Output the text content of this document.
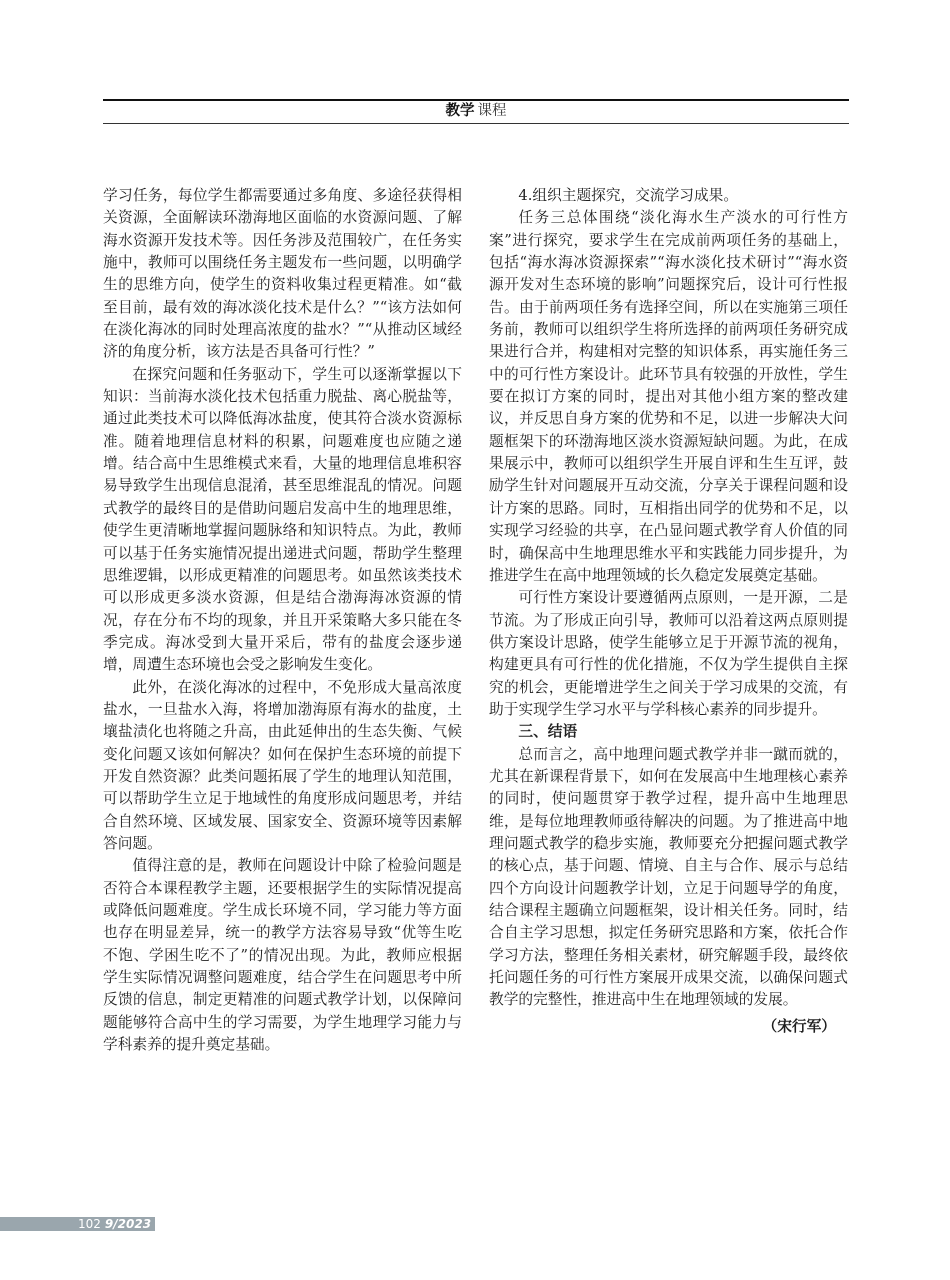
教学 课程

学习任务，每位学生都需要通过多角度、多途径获得相关资源，全面解读环渤海地区面临的水资源问题、了解海水资源开发技术等。因任务涉及范围较广，在任务实施中，教师可以围绕任务主题发布一些问题，以明确学生的思维方向，使学生的资料收集过程更精准。如“截至目前，最有效的海冰淡化技术是什么？”“该方法如何在淡化海冰的同时处理高浓度的盐水？”“从推动区域经济的角度分析，该方法是否具备可行性？”

在探究问题和任务驱动下，学生可以逐渐掌握以下知识：当前海水淡化技术包括重力脱盐、离心脱盐等，通过此类技术可以降低海冰盐度，使其符合淡水资源标准。随着地理信息材料的积累，问题难度也应随之递增。结合高中生思维模式来看，大量的地理信息堆积容易导致学生出现信息混淆，甚至思维混乱的情况。问题式教学的最终目的是借助问题启发高中生的地理思维，使学生更清晰地掌握问题脉络和知识特点。为此，教师可以基于任务实施情况提出递进式问题，帮助学生整理思维逻辑，以形成更精准的问题思考。如虽然该类技术可以形成更多淡水资源，但是结合渤海海冰资源的情况，存在分布不均的现象，并且开采策略大多只能在冬季完成。海冰受到大量开采后，带有的盐度会逐步递增，周遭生态环境也会受之影响发生变化。

此外，在淡化海冰的过程中，不免形成大量高浓度盐水，一旦盐水入海，将增加渤海原有海水的盐度，土壤盐渍化也将随之升高，由此延伸出的生态失衡、气候变化问题又该如何解决？如何在保护生态环境的前提下开发自然资源？此类问题拓展了学生的地理认知范围，可以帮助学生立足于地域性的角度形成问题思考，并结合自然环境、区域发展、国家安全、资源环境等因素解答问题。

值得注意的是，教师在问题设计中除了检验问题是否符合本课程教学主题，还要根据学生的实际情况提高或降低问题难度。学生成长环境不同，学习能力等方面也存在明显差异，统一的教学方法容易导致“优等生吃不饱、学困生吃不了”的情况出现。为此，教师应根据学生实际情况调整问题难度，结合学生在问题思考中所反馈的信息，制定更精准的问题式教学计划，以保障问题能够符合高中生的学习需要，为学生地理学习能力与学科素养的提升奠定基础。

4.组织主题探究，交流学习成果。

任务三总体围绕“淡化海水生产淡水的可行性方案”进行探究，要求学生在完成前两项任务的基础上，包括“海水海冰资源探索”“海水淡化技术研讨”“海水资源开发对生态环境的影响”问题探究后，设计可行性报告。由于前两项任务有选择空间，所以在实施第三项任务前，教师可以组织学生将所选择的前两项任务研究成果进行合并，构建相对完整的知识体系，再实施任务三中的可行性方案设计。此环节具有较强的开放性，学生要在拟订方案的同时，提出对其他小组方案的整改建议，并反思自身方案的优势和不足，以进一步解决大问题框架下的环渤海地区淡水资源短缺问题。为此，在成果展示中，教师可以组织学生开展自评和生生互评，鼓励学生针对问题展开互动交流，分享关于课程问题和设计方案的思路。同时，互相指出同学的优势和不足，以实现学习经验的共享，在凸显问题式教学育人价值的同时，确保高中生地理思维水平和实践能力同步提升，为推进学生在高中地理领域的长久稳定发展奠定基础。

可行性方案设计要遵循两点原则，一是开源，二是节流。为了形成正向引导，教师可以沿着这两点原则提供方案设计思路，使学生能够立足于开源节流的视角，构建更具有可行性的优化措施，不仅为学生提供自主探究的机会，更能增进学生之间关于学习成果的交流，有助于实现学生学习水平与学科核心素养的同步提升。

三、结语

总而言之，高中地理问题式教学并非一蹴而就的，尤其在新课程背景下，如何在发展高中生地理核心素养的同时，使问题贯穿于教学过程，提升高中生地理思维，是每位地理教师亟待解决的问题。为了推进高中地理问题式教学的稳步实施，教师要充分把握问题式教学的核心点，基于问题、情境、自主与合作、展示与总结四个方向设计问题教学计划，立足于问题导学的角度，结合课程主题确立问题框架，设计相关任务。同时，结合自主学习思想，拟定任务研究思路和方案，依托合作学习方法，整理任务相关素材，研究解题手段，最终依托问题任务的可行性方案展开成果交流，以确保问题式教学的完整性，推进高中生在地理领域的发展。

（宋行军）

102 9/2023
